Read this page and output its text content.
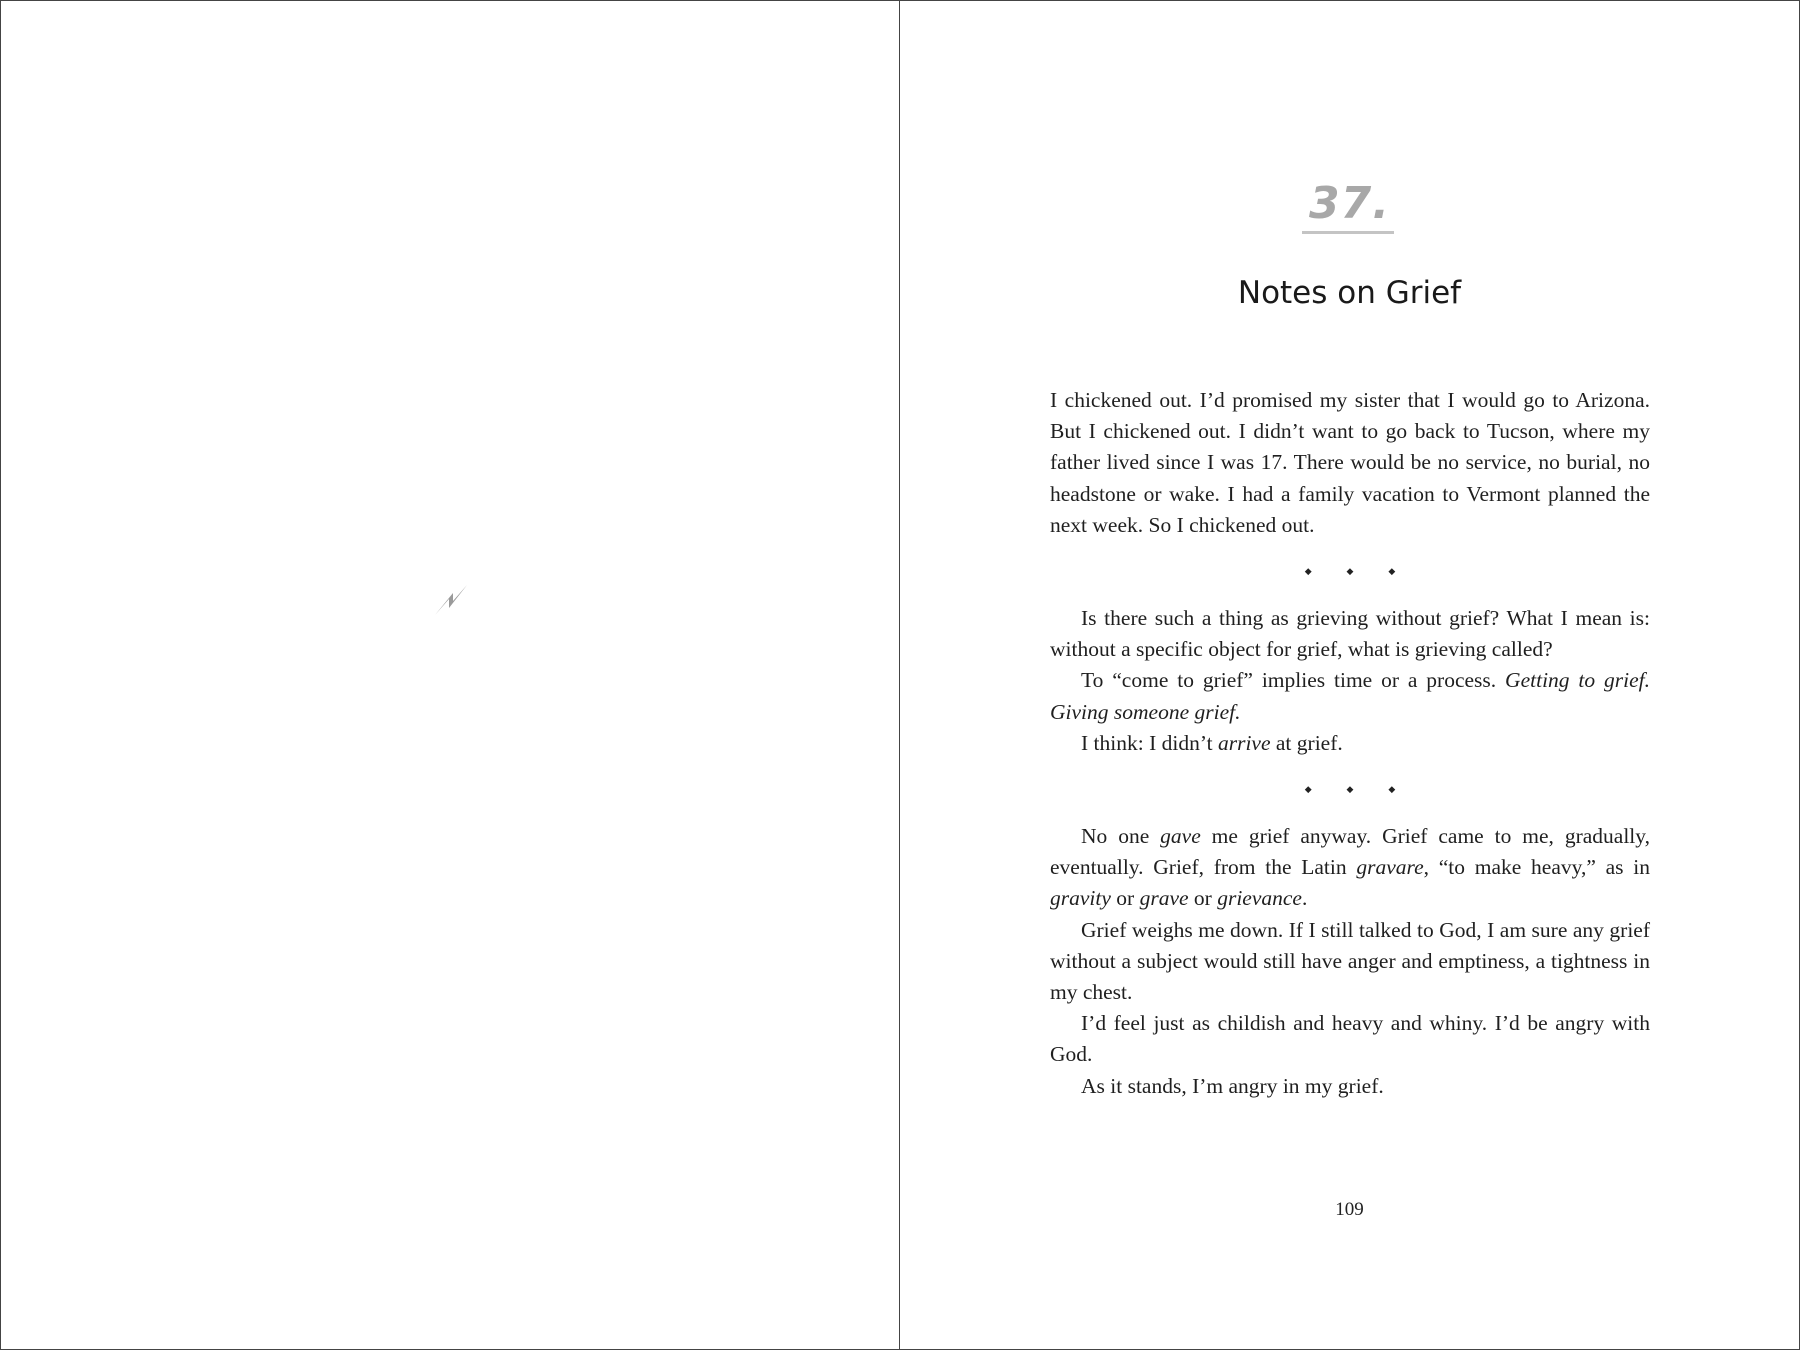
37.
Notes on Grief

I chickened out. I’d promised my sister that I would go to Arizona. But I chickened out. I didn’t want to go back to Tucson, where my father lived since I was 17. There would be no service, no burial, no headstone or wake. I had a family vacation to Vermont planned the next week. So I chickened out.

◆ ◆ ◆

Is there such a thing as grieving without grief? What I mean is: without a specific object for grief, what is grieving called?

To “come to grief” implies time or a process. Getting to grief. Giving someone grief.

I think: I didn’t arrive at grief.

◆ ◆ ◆

No one gave me grief anyway. Grief came to me, gradually, eventually. Grief, from the Latin gravare, “to make heavy,” as in gravity or grave or grievance.

Grief weighs me down. If I still talked to God, I am sure any grief without a subject would still have anger and emptiness, a tightness in my chest.

I’d feel just as childish and heavy and whiny. I’d be angry with God.

As it stands, I’m angry in my grief.

109
